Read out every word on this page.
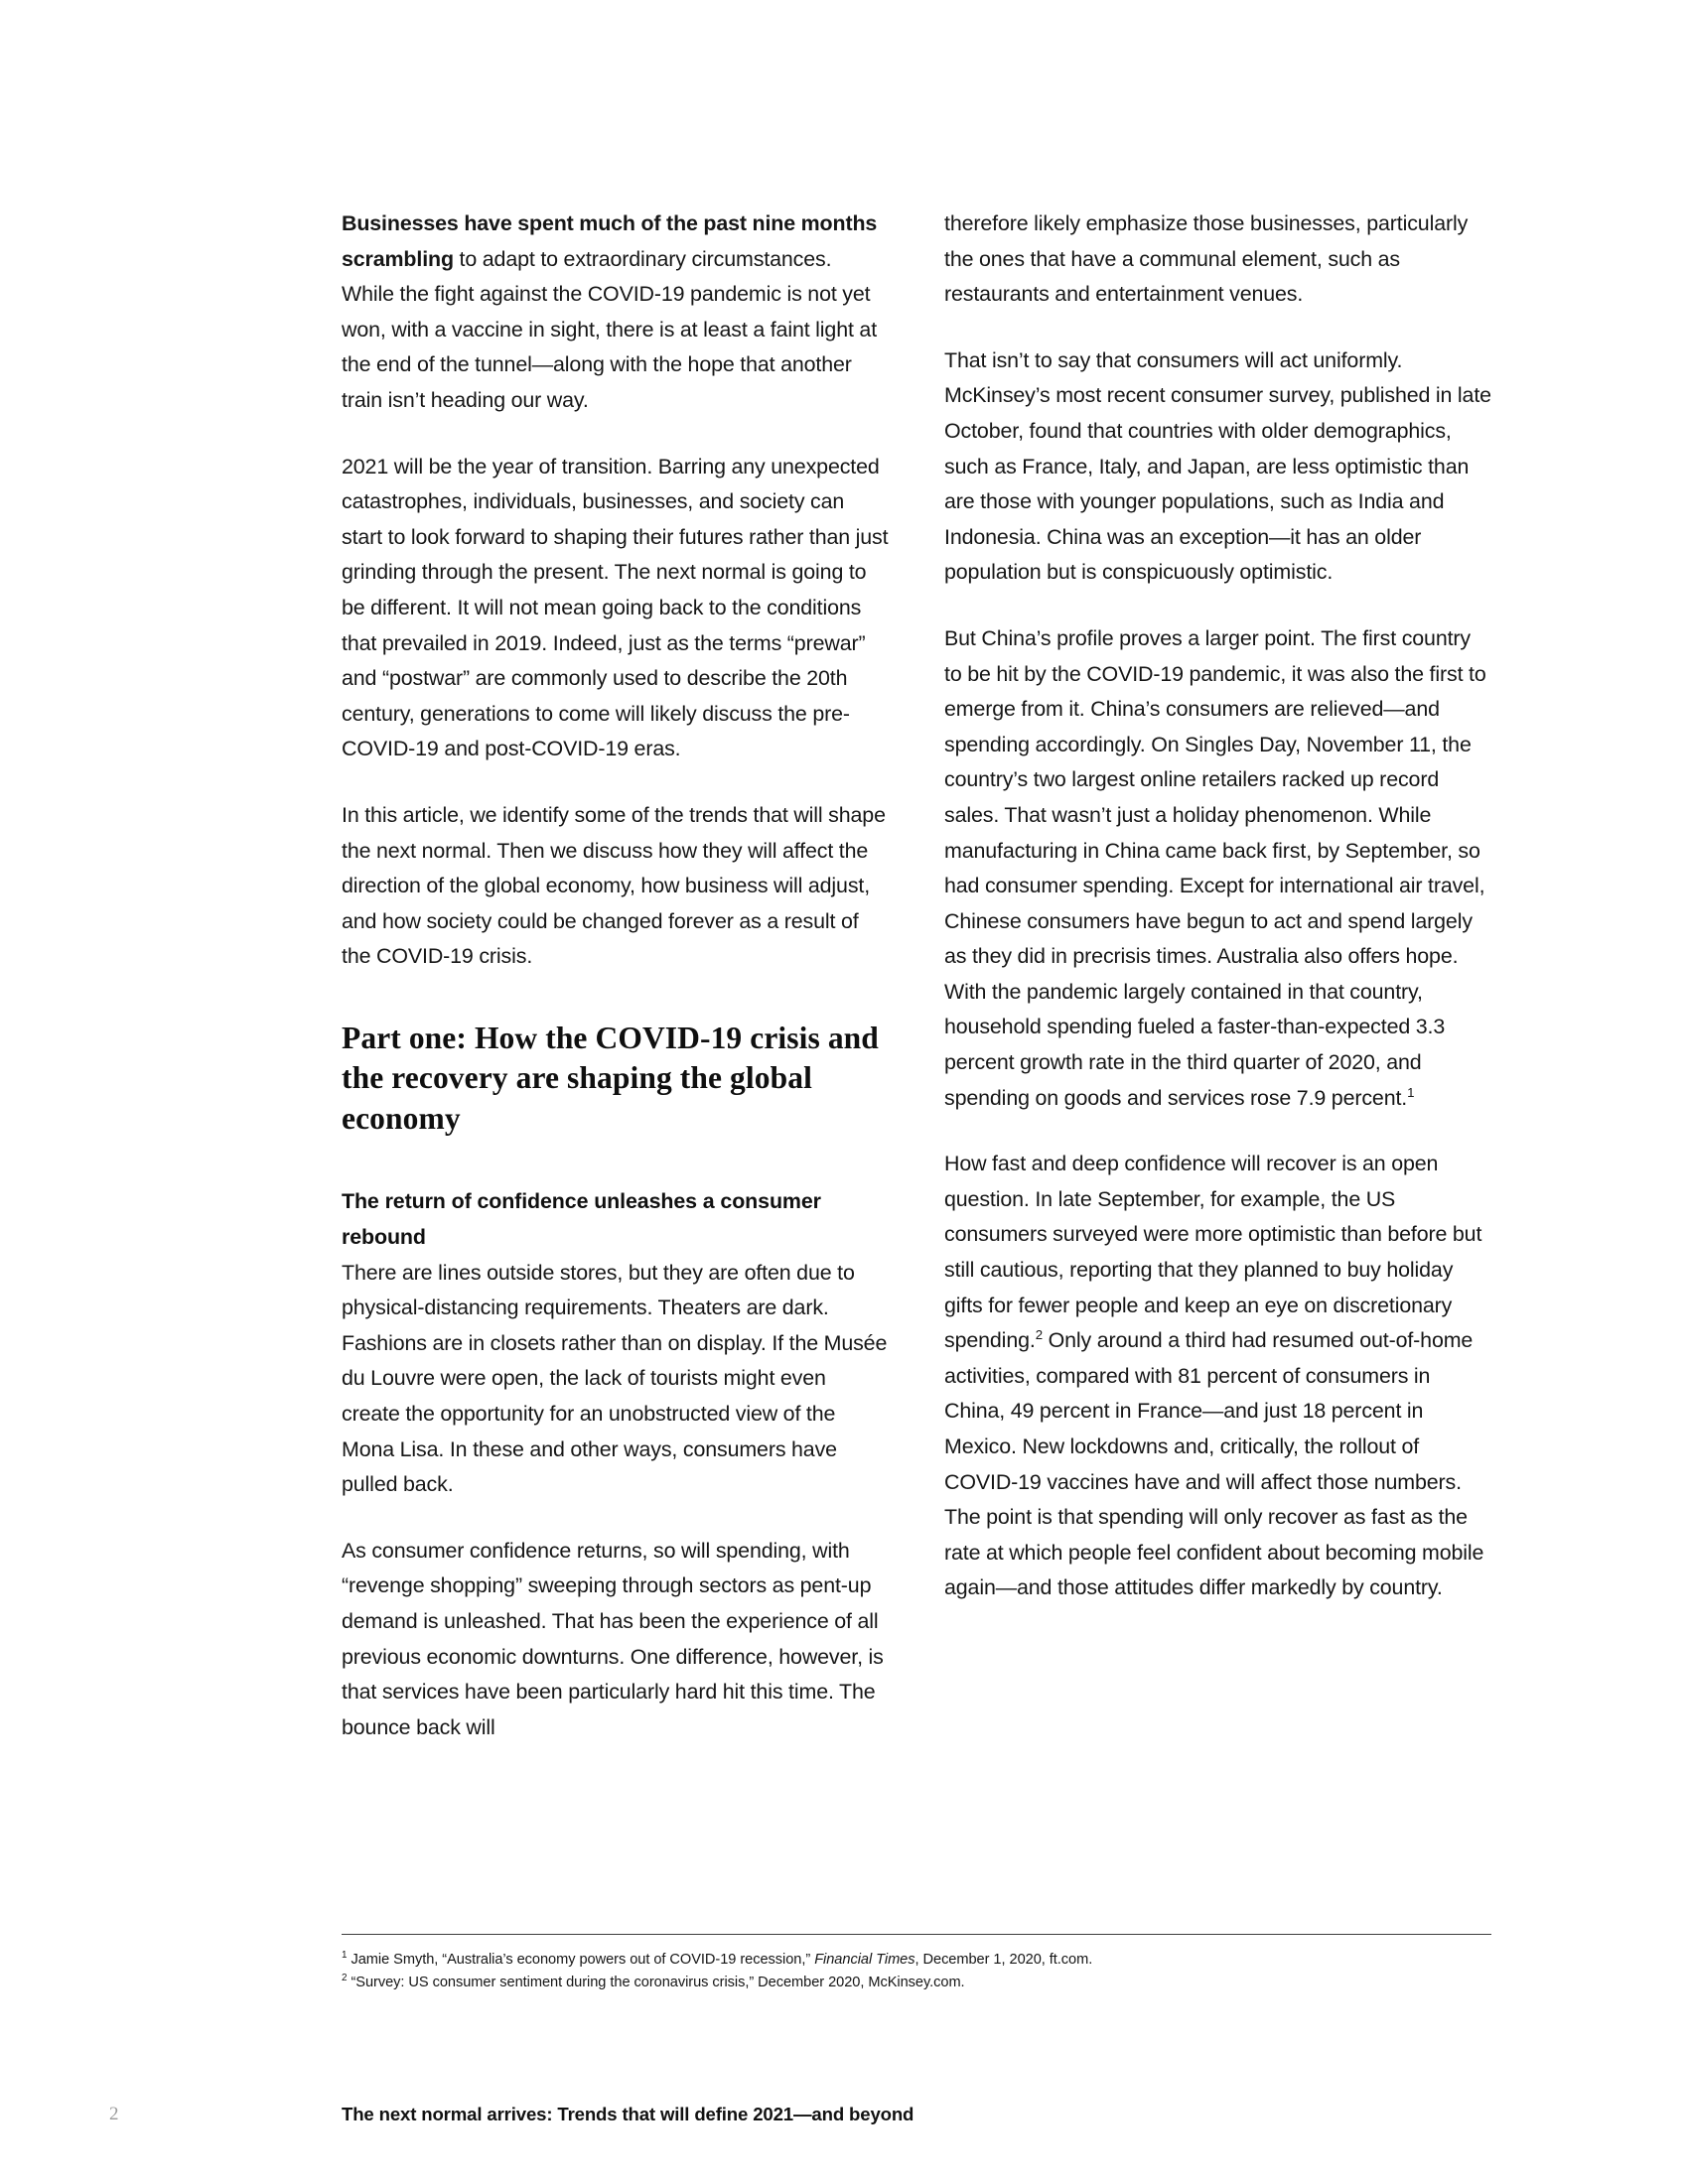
Businesses have spent much of the past nine months scrambling to adapt to extraordinary circumstances. While the fight against the COVID-19 pandemic is not yet won, with a vaccine in sight, there is at least a faint light at the end of the tunnel—along with the hope that another train isn’t heading our way.

2021 will be the year of transition. Barring any unexpected catastrophes, individuals, businesses, and society can start to look forward to shaping their futures rather than just grinding through the present. The next normal is going to be different. It will not mean going back to the conditions that prevailed in 2019. Indeed, just as the terms “prewar” and “postwar” are commonly used to describe the 20th century, generations to come will likely discuss the pre-COVID-19 and post-COVID-19 eras.

In this article, we identify some of the trends that will shape the next normal. Then we discuss how they will affect the direction of the global economy, how business will adjust, and how society could be changed forever as a result of the COVID-19 crisis.

Part one: How the COVID-19 crisis and the recovery are shaping the global economy
The return of confidence unleashes a consumer rebound

There are lines outside stores, but they are often due to physical-distancing requirements. Theaters are dark. Fashions are in closets rather than on display. If the Musée du Louvre were open, the lack of tourists might even create the opportunity for an unobstructed view of the Mona Lisa. In these and other ways, consumers have pulled back.

As consumer confidence returns, so will spending, with “revenge shopping” sweeping through sectors as pent-up demand is unleashed. That has been the experience of all previous economic downturns. One difference, however, is that services have been particularly hard hit this time. The bounce back will

therefore likely emphasize those businesses, particularly the ones that have a communal element, such as restaurants and entertainment venues.

That isn’t to say that consumers will act uniformly. McKinsey’s most recent consumer survey, published in late October, found that countries with older demographics, such as France, Italy, and Japan, are less optimistic than are those with younger populations, such as India and Indonesia. China was an exception—it has an older population but is conspicuously optimistic.

But China’s profile proves a larger point. The first country to be hit by the COVID-19 pandemic, it was also the first to emerge from it. China’s consumers are relieved—and spending accordingly. On Singles Day, November 11, the country’s two largest online retailers racked up record sales. That wasn’t just a holiday phenomenon. While manufacturing in China came back first, by September, so had consumer spending. Except for international air travel, Chinese consumers have begun to act and spend largely as they did in precrisis times. Australia also offers hope. With the pandemic largely contained in that country, household spending fueled a faster-than-expected 3.3 percent growth rate in the third quarter of 2020, and spending on goods and services rose 7.9 percent.$^1$

How fast and deep confidence will recover is an open question. In late September, for example, the US consumers surveyed were more optimistic than before but still cautious, reporting that they planned to buy holiday gifts for fewer people and keep an eye on discretionary spending.$^2$ Only around a third had resumed out-of-home activities, compared with 81 percent of consumers in China, 49 percent in France—and just 18 percent in Mexico. New lockdowns and, critically, the rollout of COVID-19 vaccines have and will affect those numbers. The point is that spending will only recover as fast as the rate at which people feel confident about becoming mobile again—and those attitudes differ markedly by country.

$^1$ Jamie Smyth, “Australia’s economy powers out of COVID-19 recession,” Financial Times, December 1, 2020, ft.com.

$^2$ “Survey: US consumer sentiment during the coronavirus crisis,” December 2020, McKinsey.com.

2	The next normal arrives: Trends that will define 2021—and beyond
